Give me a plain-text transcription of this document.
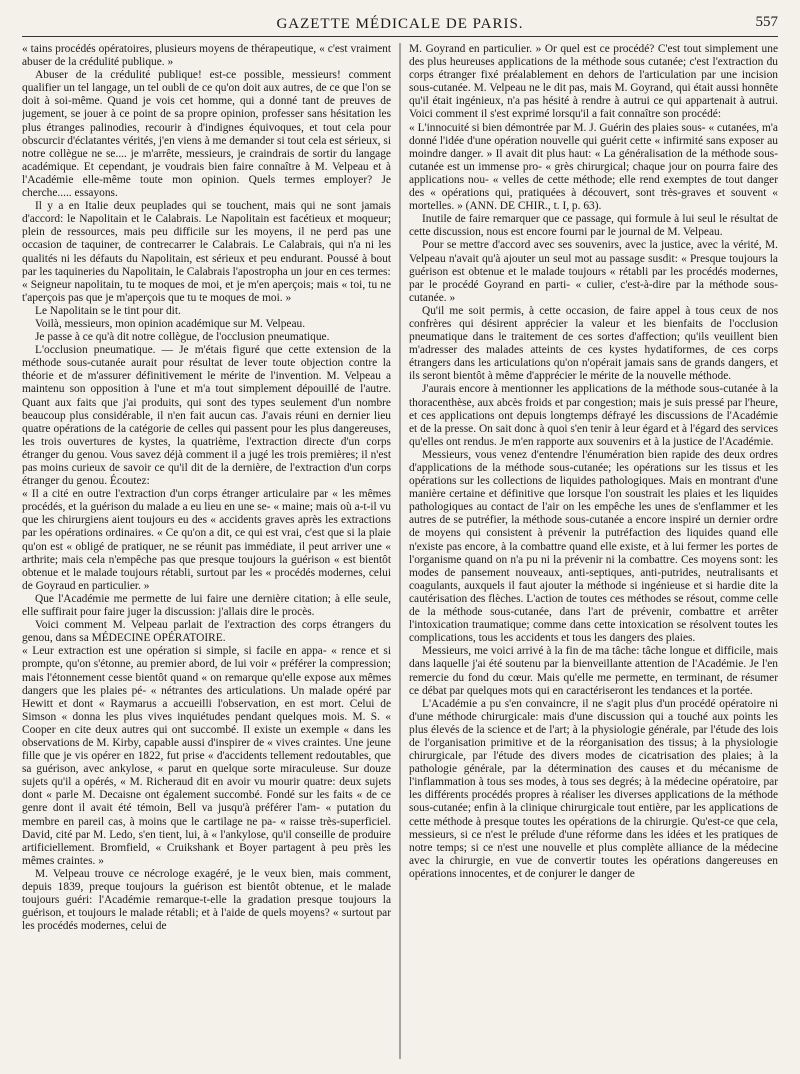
GAZETTE MÉDICALE DE PARIS.	557

« tains procédés opératoires, plusieurs moyens de thérapeutique, « c'est vraiment abuser de la crédulité publique. »

Abuser de la crédulité publique! est-ce possible, messieurs! comment qualifier un tel langage, un tel oubli de ce qu'on doit aux autres, de ce que l'on se doit à soi-même. Quand je vois cet homme, qui a donné tant de preuves de jugement, se jouer à ce point de sa propre opinion, professer sans hésitation les plus étranges palinodies, recourir à d'indignes équivoques, et tout cela pour obscurcir d'éclatantes vérités, j'en viens à me demander si tout cela est sérieux, si notre collègue ne se.... je m'arrête, messieurs, je craindrais de sortir du langage académique. Et cependant, je voudrais bien faire connaître à M. Velpeau et à l'Académie elle-même toute mon opinion. Quels termes employer? Je cherche..... essayons.

Il y a en Italie deux peuplades qui se touchent, mais qui ne sont jamais d'accord: le Napolitain et le Calabrais. Le Napolitain est facétieux et moqueur; plein de ressources, mais peu difficile sur les moyens, il ne perd pas une occasion de taquiner, de contrecarrer le Calabrais. Le Calabrais, qui n'a ni les qualités ni les défauts du Napolitain, est sérieux et peu endurant. Poussé à bout par les taquineries du Napolitain, le Calabrais l'apostropha un jour en ces termes:

« Seigneur napolitain, tu te moques de moi, et je m'en aperçois; mais « toi, tu ne t'aperçois pas que je m'aperçois que tu te moques de moi. »

Le Napolitain se le tint pour dit.

Voilà, messieurs, mon opinion académique sur M. Velpeau.

Je passe à ce qu'à dit notre collègue, de l'occlusion pneumatique.

L'occlusion pneumatique. — Je m'étais figuré que cette extension de la méthode sous-cutanée aurait pour résultat de lever toute objection contre la théorie et de m'assurer définitivement le mérite de l'invention. M. Velpeau a maintenu son opposition à l'une et m'a tout simplement dépouillé de l'autre. Quant aux faits que j'ai produits, qui sont des types seulement d'un nombre beaucoup plus considérable, il n'en fait aucun cas. J'avais réuni en dernier lieu quatre opérations de la catégorie de celles qui passent pour les plus dangereuses, les trois ouvertures de kystes, la quatrième, l'extraction directe d'un corps étranger du genou. Vous savez déjà comment il a jugé les trois premières; il n'est pas moins curieux de savoir ce qu'il dit de la dernière, de l'extraction d'un corps étranger du genou. Écoutez:

« Il a cité en outre l'extraction d'un corps étranger articulaire par « les mêmes procédés, et la guérison du malade a eu lieu en une se- « maine; mais où a-t-il vu que les chirurgiens aient toujours eu des « accidents graves après les extractions par les opérations ordinaires. « Ce qu'on a dit, ce qui est vrai, c'est que si la plaie qu'on est « obligé de pratiquer, ne se réunit pas immédiate, il peut arriver une « arthrite; mais cela n'empêche pas que presque toujours la guérison « est bientôt obtenue et le malade toujours rétabli, surtout par les « procédés modernes, celui de Goyraud en particulier. »

Que l'Académie me permette de lui faire une dernière citation; à elle seule, elle suffirait pour faire juger la discussion: j'allais dire le procès.

Voici comment M. Velpeau parlait de l'extraction des corps étrangers du genou, dans sa MÉDECINE OPÉRATOIRE.

« Leur extraction est une opération si simple, si facile en appa- « rence et si prompte, qu'on s'étonne, au premier abord, de lui voir « préférer la compression; mais l'étonnement cesse bientôt quand « on remarque qu'elle expose aux mêmes dangers que les plaies pé- « nétrantes des articulations. Un malade opéré par Hewitt et dont « Raymarus a accueilli l'observation, en est mort. Celui de Simson « donna les plus vives inquiétudes pendant quelques mois. M. S. « Cooper en cite deux autres qui ont succombé. Il existe un exemple « dans les observations de M. Kirby, capable aussi d'inspirer de « vives craintes. Une jeune fille que je vis opérer en 1822, fut prise « d'accidents tellement redoutables, que sa guérison, avec ankylose, « parut en quelque sorte miraculeuse. Sur douze sujets qu'il a opérés, « M. Richeraud dit en avoir vu mourir quatre: deux sujets dont « parle M. Decaisne ont également succombé. Fondé sur les faits « de ce genre dont il avait été témoin, Bell va jusqu'à préférer l'am- « putation du membre en pareil cas, à moins que le cartilage ne pa- « raisse très-superficiel. David, cité par M. Ledo, s'en tient, lui, à « l'ankylose, qu'il conseille de produire artificiellement. Bromfield, « Cruikshank et Boyer partagent à peu près les mêmes craintes. »

M. Velpeau trouve ce nécrologe exagéré, je le veux bien, mais comment, depuis 1839, preque toujours la guérison est bientôt obtenue, et le malade toujours guéri: l'Académie remarque-t-elle la gradation presque toujours la guérison, et toujours le malade rétabli; et à l'aide de quels moyens? « surtout par les procédés modernes, celui de

M. Goyrand en particulier. » Or quel est ce procédé? C'est tout simplement une des plus heureuses applications de la méthode sous cutanée; c'est l'extraction du corps étranger fixé préalablement en dehors de l'articulation par une incision sous-cutanée. M. Velpeau ne le dit pas, mais M. Goyrand, qui était aussi honnête qu'il était ingénieux, n'a pas hésité à rendre à autrui ce qui appartenait à autrui. Voici comment il s'est exprimé lorsqu'il a fait connaître son procédé:

« L'innocuité si bien démontrée par M. J. Guérin des plaies sous- « cutanées, m'a donné l'idée d'une opération nouvelle qui guérit cette « infirmité sans exposer au moindre danger. » Il avait dit plus haut: « La généralisation de la méthode sous-cutanée est un immense pro- « grès chirurgical; chaque jour on pourra faire des applications nou- « velles de cette méthode; elle rend exemptes de tout danger des « opérations qui, pratiquées à découvert, sont très-graves et souvent « mortelles. » (ANN. DE CHIR., t. I, p. 63).

Inutile de faire remarquer que ce passage, qui formule à lui seul le résultat de cette discussion, nous est encore fourni par le journal de M. Velpeau.

Pour se mettre d'accord avec ses souvenirs, avec la justice, avec la vérité, M. Velpeau n'avait qu'à ajouter un seul mot au passage susdit: « Presque toujours la guérison est obtenue et le malade toujours « rétabli par les procédés modernes, par le procédé Goyrand en parti- « culier, c'est-à-dire par la méthode sous-cutanée. »

Qu'il me soit permis, à cette occasion, de faire appel à tous ceux de nos confrères qui désirent apprécier la valeur et les bienfaits de l'occlusion pneumatique dans le traitement de ces sortes d'affection; qu'ils veuillent bien m'adresser des malades atteints de ces kystes hydatiformes, de ces corps étrangers dans les articulations qu'on n'opérait jamais sans de grands dangers, et ils seront bientôt à même d'apprécier le mérite de la nouvelle méthode.

J'aurais encore à mentionner les applications de la méthode sous-cutanée à la thoracenthèse, aux abcès froids et par congestion; mais je suis pressé par l'heure, et ces applications ont depuis longtemps défrayé les discussions de l'Académie et de la presse. On sait donc à quoi s'en tenir à leur égard et à l'égard des services qu'elles ont rendus. Je m'en rapporte aux souvenirs et à la justice de l'Académie.

Messieurs, vous venez d'entendre l'énumération bien rapide des deux ordres d'applications de la méthode sous-cutanée; les opérations sur les tissus et les opérations sur les collections de liquides pathologiques. Mais en montrant d'une manière certaine et définitive que lorsque l'on soustrait les plaies et les liquides pathologiques au contact de l'air on les empêche les unes de s'enflammer et les autres de se putréfier, la méthode sous-cutanée a encore inspiré un dernier ordre de moyens qui consistent à prévenir la putréfaction des liquides quand elle n'existe pas encore, à la combattre quand elle existe, et à lui fermer les portes de l'organisme quand on n'a pu ni la prévenir ni la combattre. Ces moyens sont: les modes de pansement nouveaux, anti-septiques, anti-putrides, neutralisants et coagulants, auxquels il faut ajouter la méthode si ingénieuse et si hardie dite la cautérisation des flèches. L'action de toutes ces méthodes se résout, comme celle de la méthode sous-cutanée, dans l'art de prévenir, combattre et arrêter l'intoxication traumatique; comme dans cette intoxication se résolvent toutes les complications, tous les accidents et tous les dangers des plaies.

Messieurs, me voici arrivé à la fin de ma tâche: tâche longue et difficile, mais dans laquelle j'ai été soutenu par la bienveillante attention de l'Académie. Je l'en remercie du fond du cœur. Mais qu'elle me permette, en terminant, de résumer ce débat par quelques mots qui en caractériseront les tendances et la portée.

L'Académie a pu s'en convaincre, il ne s'agit plus d'un procédé opératoire ni d'une méthode chirurgicale: mais d'une discussion qui a touché aux points les plus élevés de la science et de l'art; à la physiologie générale, par l'étude des lois de l'organisation primitive et de la réorganisation des tissus; à la physiologie chirurgicale, par l'étude des divers modes de cicatrisation des plaies; à la pathologie générale, par la détermination des causes et du mécanisme de l'inflammation à tous ses modes, à tous ses degrés; à la médecine opératoire, par les différents procédés propres à réaliser les diverses applications de la méthode sous-cutanée; enfin à la clinique chirurgicale tout entière, par les applications de cette méthode à presque toutes les opérations de la chirurgie. Qu'est-ce que cela, messieurs, si ce n'est le prélude d'une réforme dans les idées et les pratiques de notre temps; si ce n'est une nouvelle et plus complète alliance de la médecine avec la chirurgie, en vue de convertir toutes les opérations dangereuses en opérations innocentes, et de conjurer le danger de
